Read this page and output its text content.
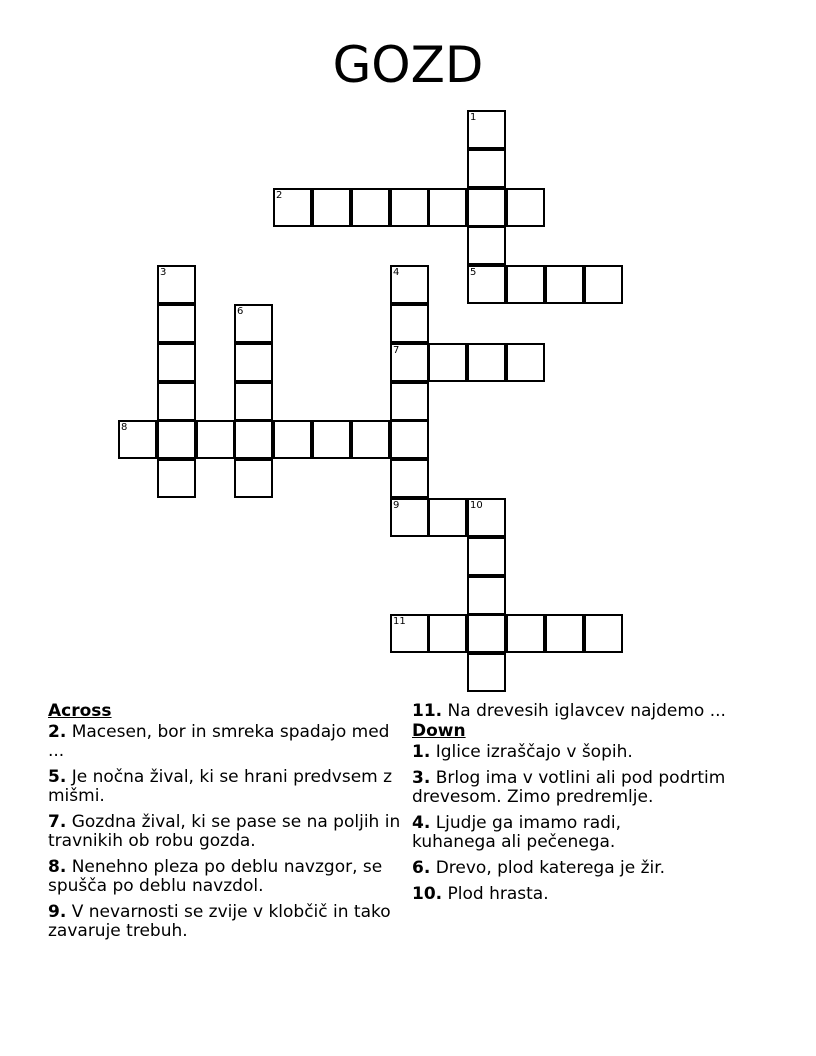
GOZD
1
5
2
3	4
7
6
8
9	10
11
Across
2. Macesen, bor in smreka spadajo med ...
5. Je nočna žival, ki se hrani predvsem z mišmi.
7. Gozdna žival, ki se pase se na poljih in travnikih ob robu gozda.
8. Nenehno pleza po deblu navzgor, se spušča po deblu navzdol.
9. V nevarnosti se zvije v klobčič in tako zavaruje trebuh.
11. Na drevesih iglavcev najdemo ...
Down
1. Iglice izraščajo v šopih.
3. Brlog ima v votlini ali pod podrtim drevesom. Zimo predremlje.
4. Ljudje ga imamo radi, kuhanega ali pečenega.
6. Drevo, plod katerega je žir.
10. Plod hrasta.
